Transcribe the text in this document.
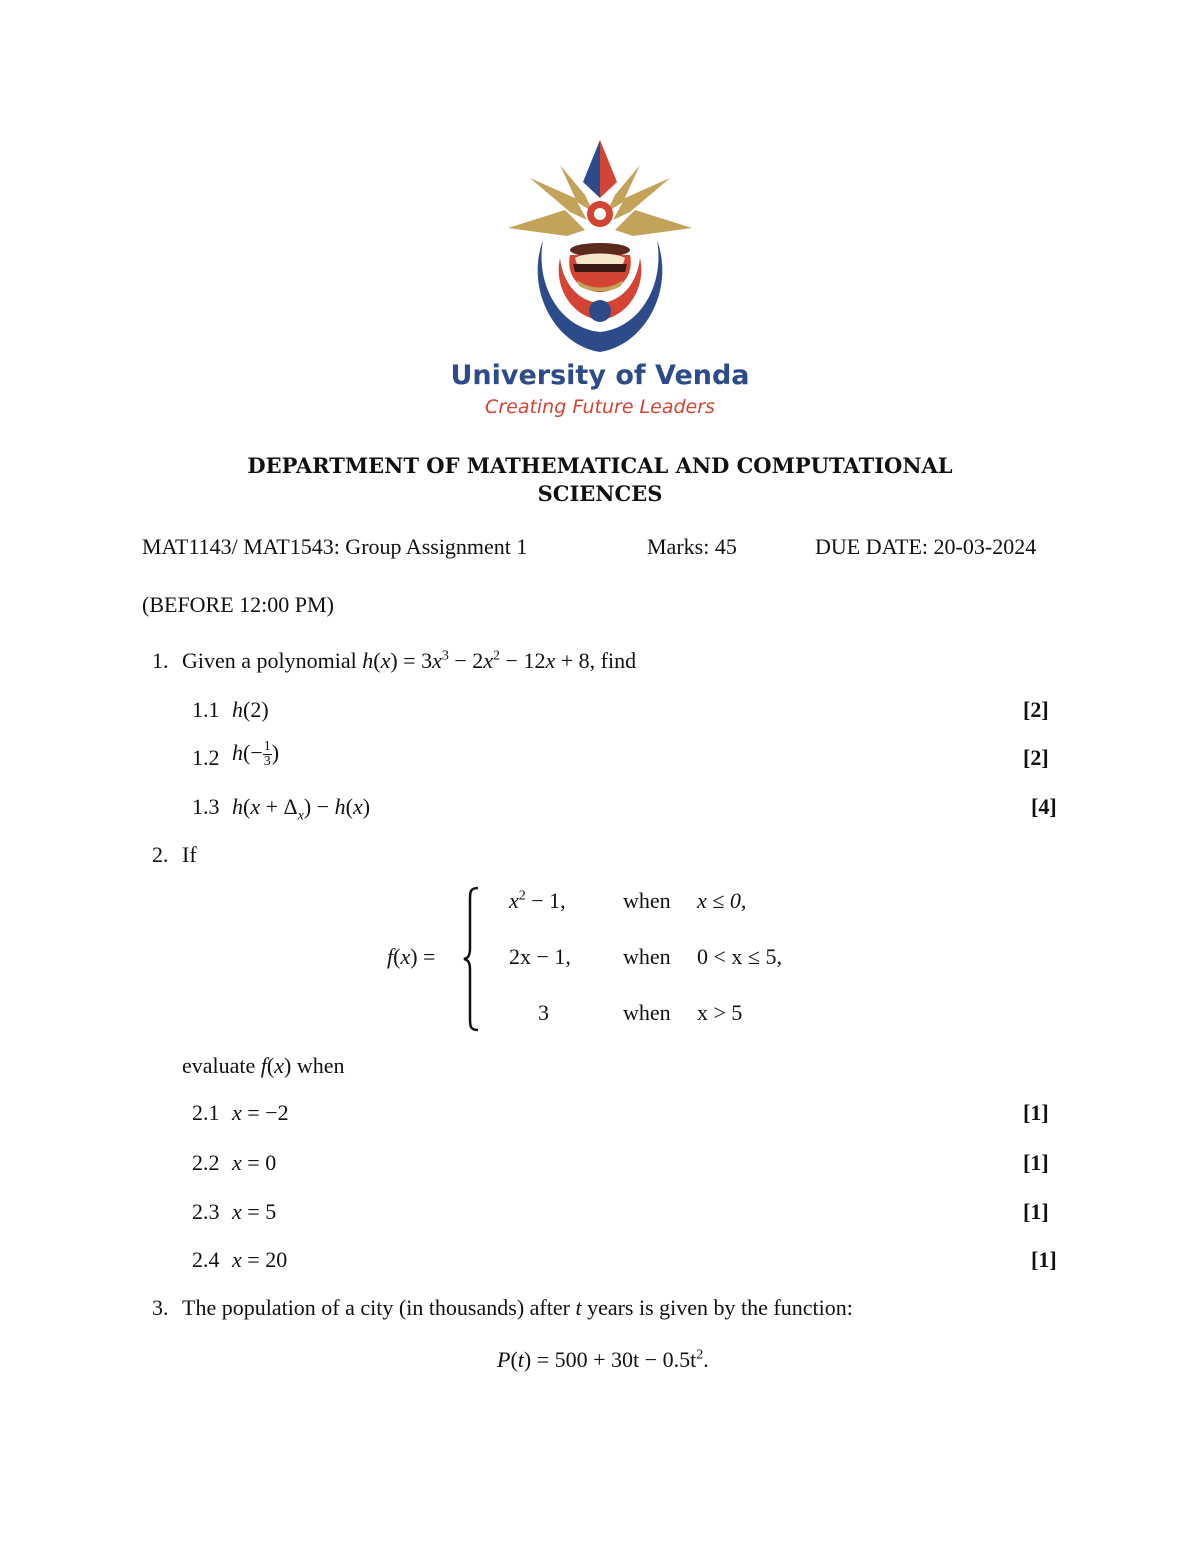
University of Venda
Creating Future Leaders
DEPARTMENT OF MATHEMATICAL AND COMPUTATIONAL
SCIENCES
MAT1143/ MAT1543: Group Assignment 1	Marks: 45	DUE DATE: 20-03-2024
(BEFORE 12:00 PM)
1. Given a polynomial $h(x) = 3x^3 - 2x^2 - 12x + 8$, find
1.1 h(2)	[2]
1.2 $h(- \frac{1}{3}$ )	[2]
1.3 $h(x + \Delta_x) - h(x)$	[4]
2. If
f(x) =
$x^2 - 1$,	when x ≤ 0,
2x − 1, when 0 < x ≤ 5,
3	when x > 5
evaluate f(x) when
2.1 x = −2	[1]
2.2 x = 0	[1]
2.3 x = 5	[1]
2.4 x = 20	[1]
3. The population of a city (in thousands) after t years is given by the function:
$P(t) = 500 + 30t - 0.5t^2$.
